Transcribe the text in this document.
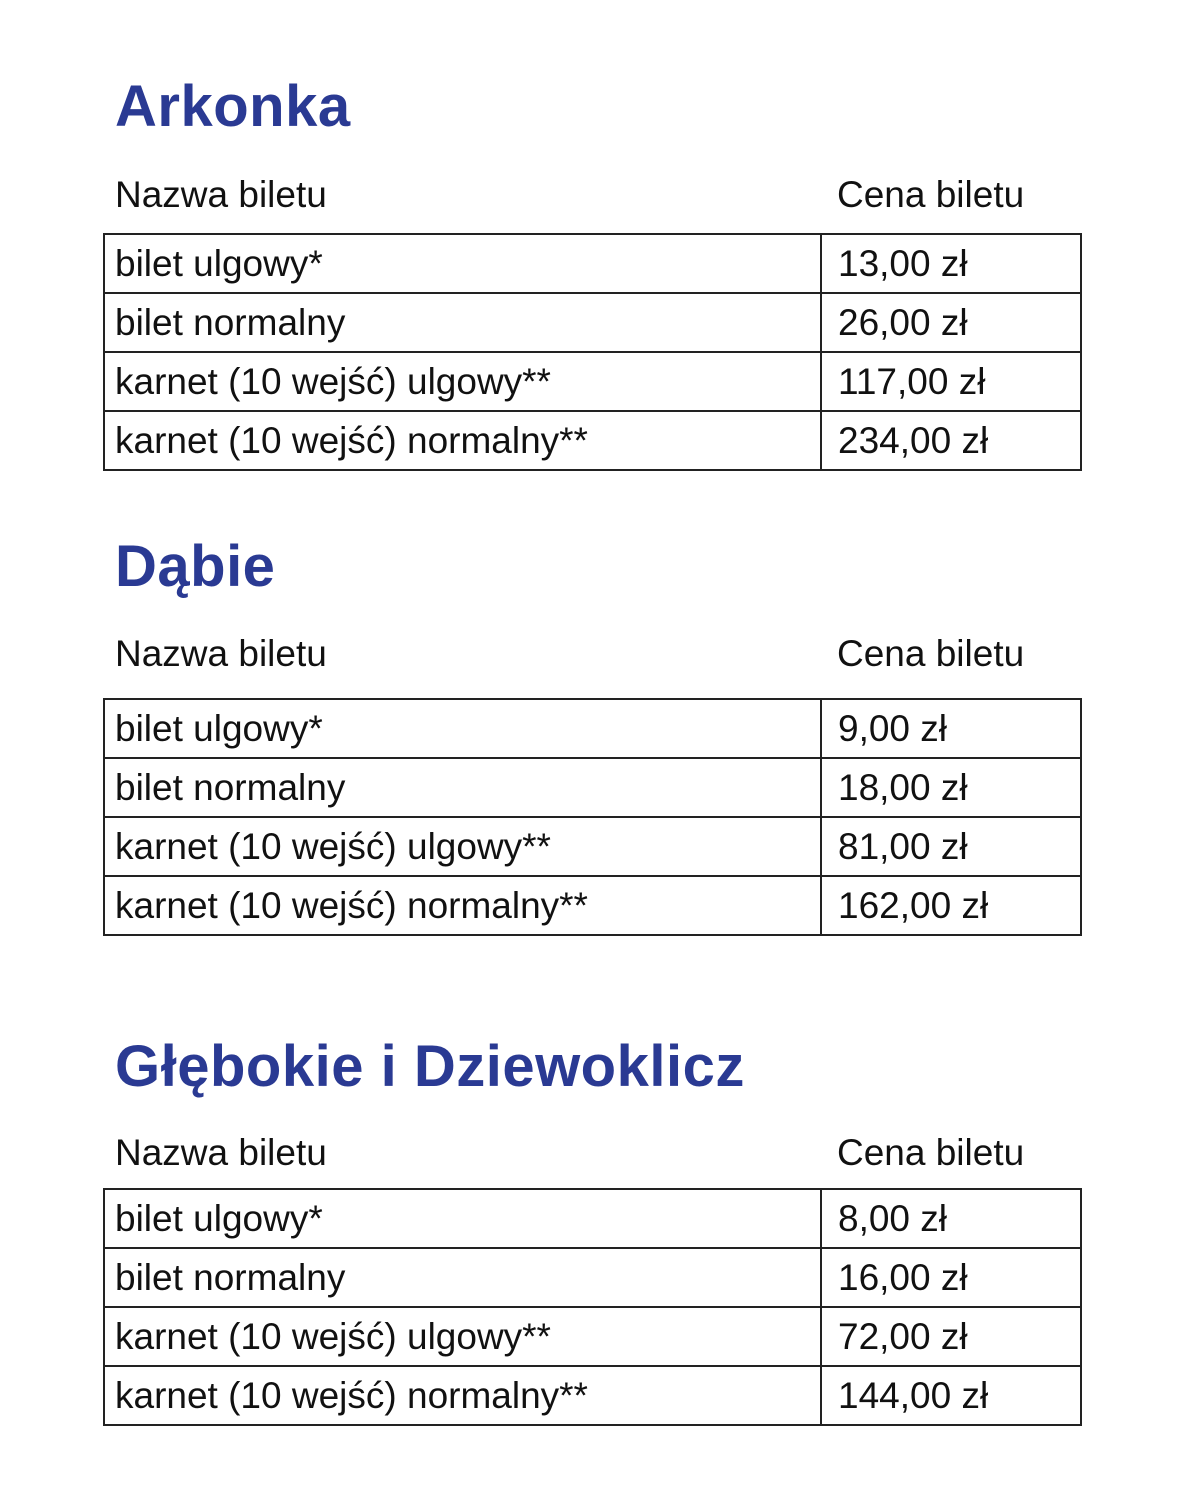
Arkonka
Nazwa biletu	Cena biletu
bilet ulgowy*	13,00 zł
bilet normalny	26,00 zł
karnet (10 wejść) ulgowy**	117,00 zł
karnet (10 wejść) normalny**	234,00 zł
Dąbie
Nazwa biletu	Cena biletu
bilet ulgowy*	9,00 zł
bilet normalny	18,00 zł
karnet (10 wejść) ulgowy**	81,00 zł
karnet (10 wejść) normalny**	162,00 zł
Głębokie i Dziewoklicz
Nazwa biletu	Cena biletu
bilet ulgowy*	8,00 zł
bilet normalny	16,00 zł
karnet (10 wejść) ulgowy**	72,00 zł
karnet (10 wejść) normalny**	144,00 zł
